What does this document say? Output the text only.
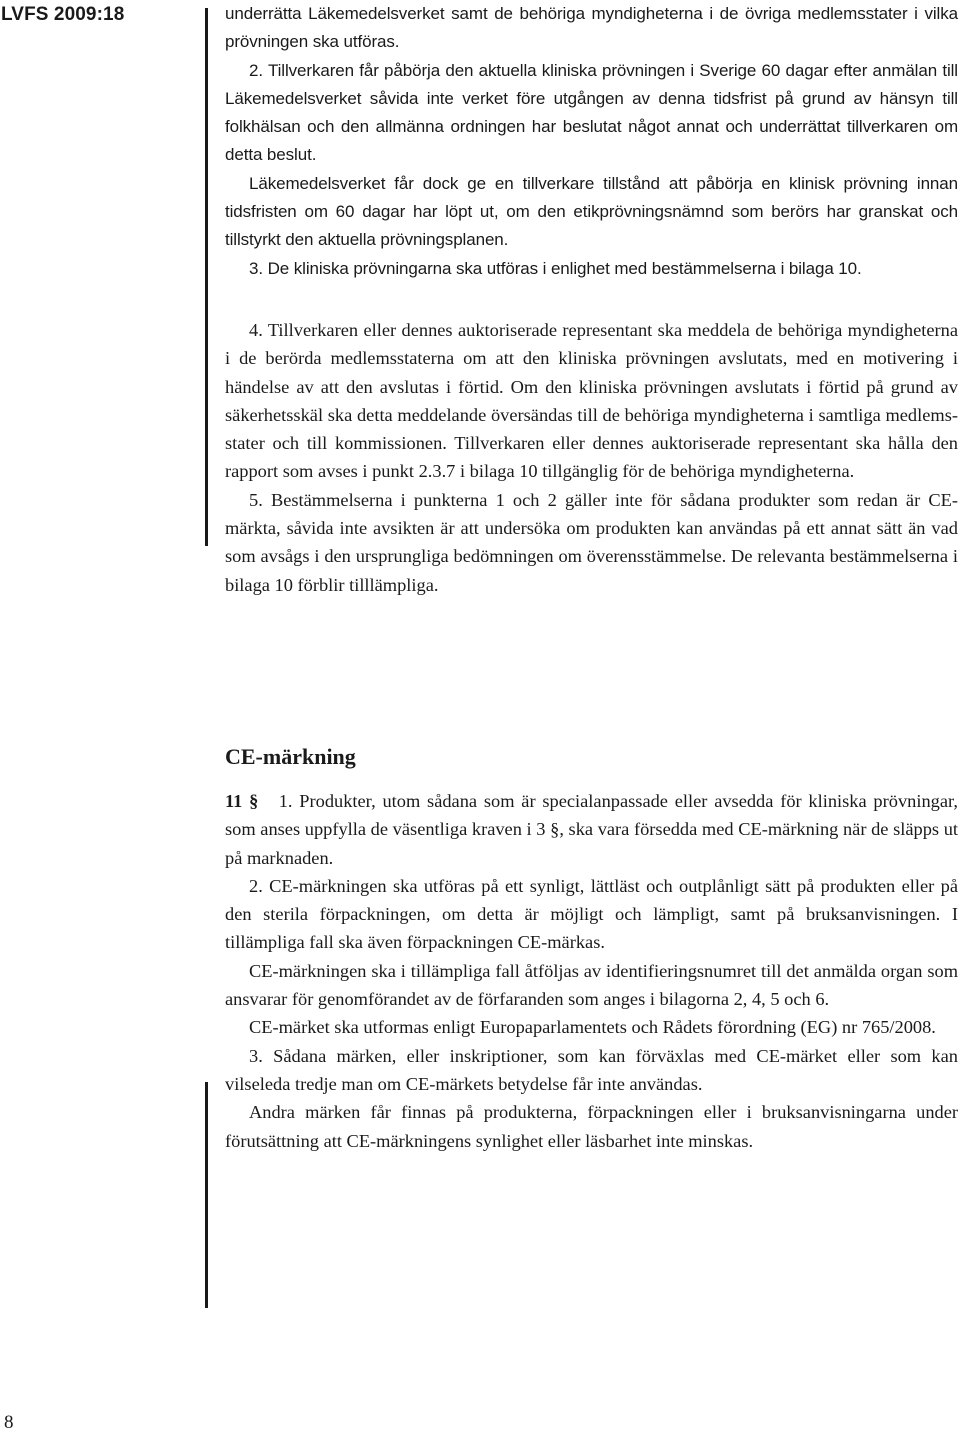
LVFS 2009:18	underrätta Läkemedelsverket samt de behöriga myndigheterna i de övriga medlemsstater i vilka prövningen ska utföras.

2. Tillverkaren får påbörja den aktuella kliniska prövningen i Sverige 60 dagar efter anmälan till Läkemedelsverket såvida inte verket före utgången av denna tidsfrist på grund av hänsyn till folkhälsan och den allmänna ordningen har beslutat något annat och underrättat tillverkaren om detta beslut.

Läkemedelsverket får dock ge en tillverkare tillstånd att påbörja en klinisk prövning innan tidsfristen om 60 dagar har löpt ut, om den etikprövningsnämnd som berörs har granskat och tillstyrkt den aktuella prövningsplanen.

3. De kliniska prövningarna ska utföras i enlighet med bestämmelserna i bilaga 10.

4. Tillverkaren eller dennes auktoriserade representant ska meddela de behöriga myndigheterna i de berörda medlemsstaterna om att den kliniska prövningen avslutats, med en motivering i händelse av att den avslutas i förtid. Om den kliniska prövningen avslutats i förtid på grund av säkerhetsskäl ska detta meddelande översändas till de behöriga myndigheterna i samtliga medlemsstater och till kommissionen. Tillverkaren eller dennes auktoriserade representant ska hålla den rapport som avses i punkt 2.3.7 i bilaga 10 tillgänglig för de behöriga myndigheterna.

5. Bestämmelserna i punkterna 1 och 2 gäller inte för sådana produkter som redan är CE-märkta, såvida inte avsikten är att undersöka om produkten kan användas på ett annat sätt än vad som avsågs i den ursprungliga bedömningen om överensstämmelse. De relevanta bestämmelserna i bilaga 10 förblir tilllämpliga.

CE-märkning

11 § 1. Produkter, utom sådana som är specialanpassade eller avsedda för kliniska prövningar, som anses uppfylla de väsentliga kraven i 3 §, ska vara försedda med CE-märkning när de släpps ut på marknaden.

2. CE-märkningen ska utföras på ett synligt, lättläst och outplånligt sätt på produkten eller på den sterila förpackningen, om detta är möjligt och lämpligt, samt på bruksanvisningen. I tillämpliga fall ska även förpackningen CE-märkas.

CE-märkningen ska i tillämpliga fall åtföljas av identifieringsnumret till det anmälda organ som ansvarar för genomförandet av de förfaranden som anges i bilagorna 2, 4, 5 och 6.

CE-märket ska utformas enligt Europaparlamentets och Rådets förordning (EG) nr 765/2008.

3. Sådana märken, eller inskriptioner, som kan förväxlas med CE-märket eller som kan vilseleda tredje man om CE-märkets betydelse får inte användas.

Andra märken får finnas på produkterna, förpackningen eller i bruksanvisningarna under förutsättning att CE-märkningens synlighet eller läsbarhet inte minskas.

8
